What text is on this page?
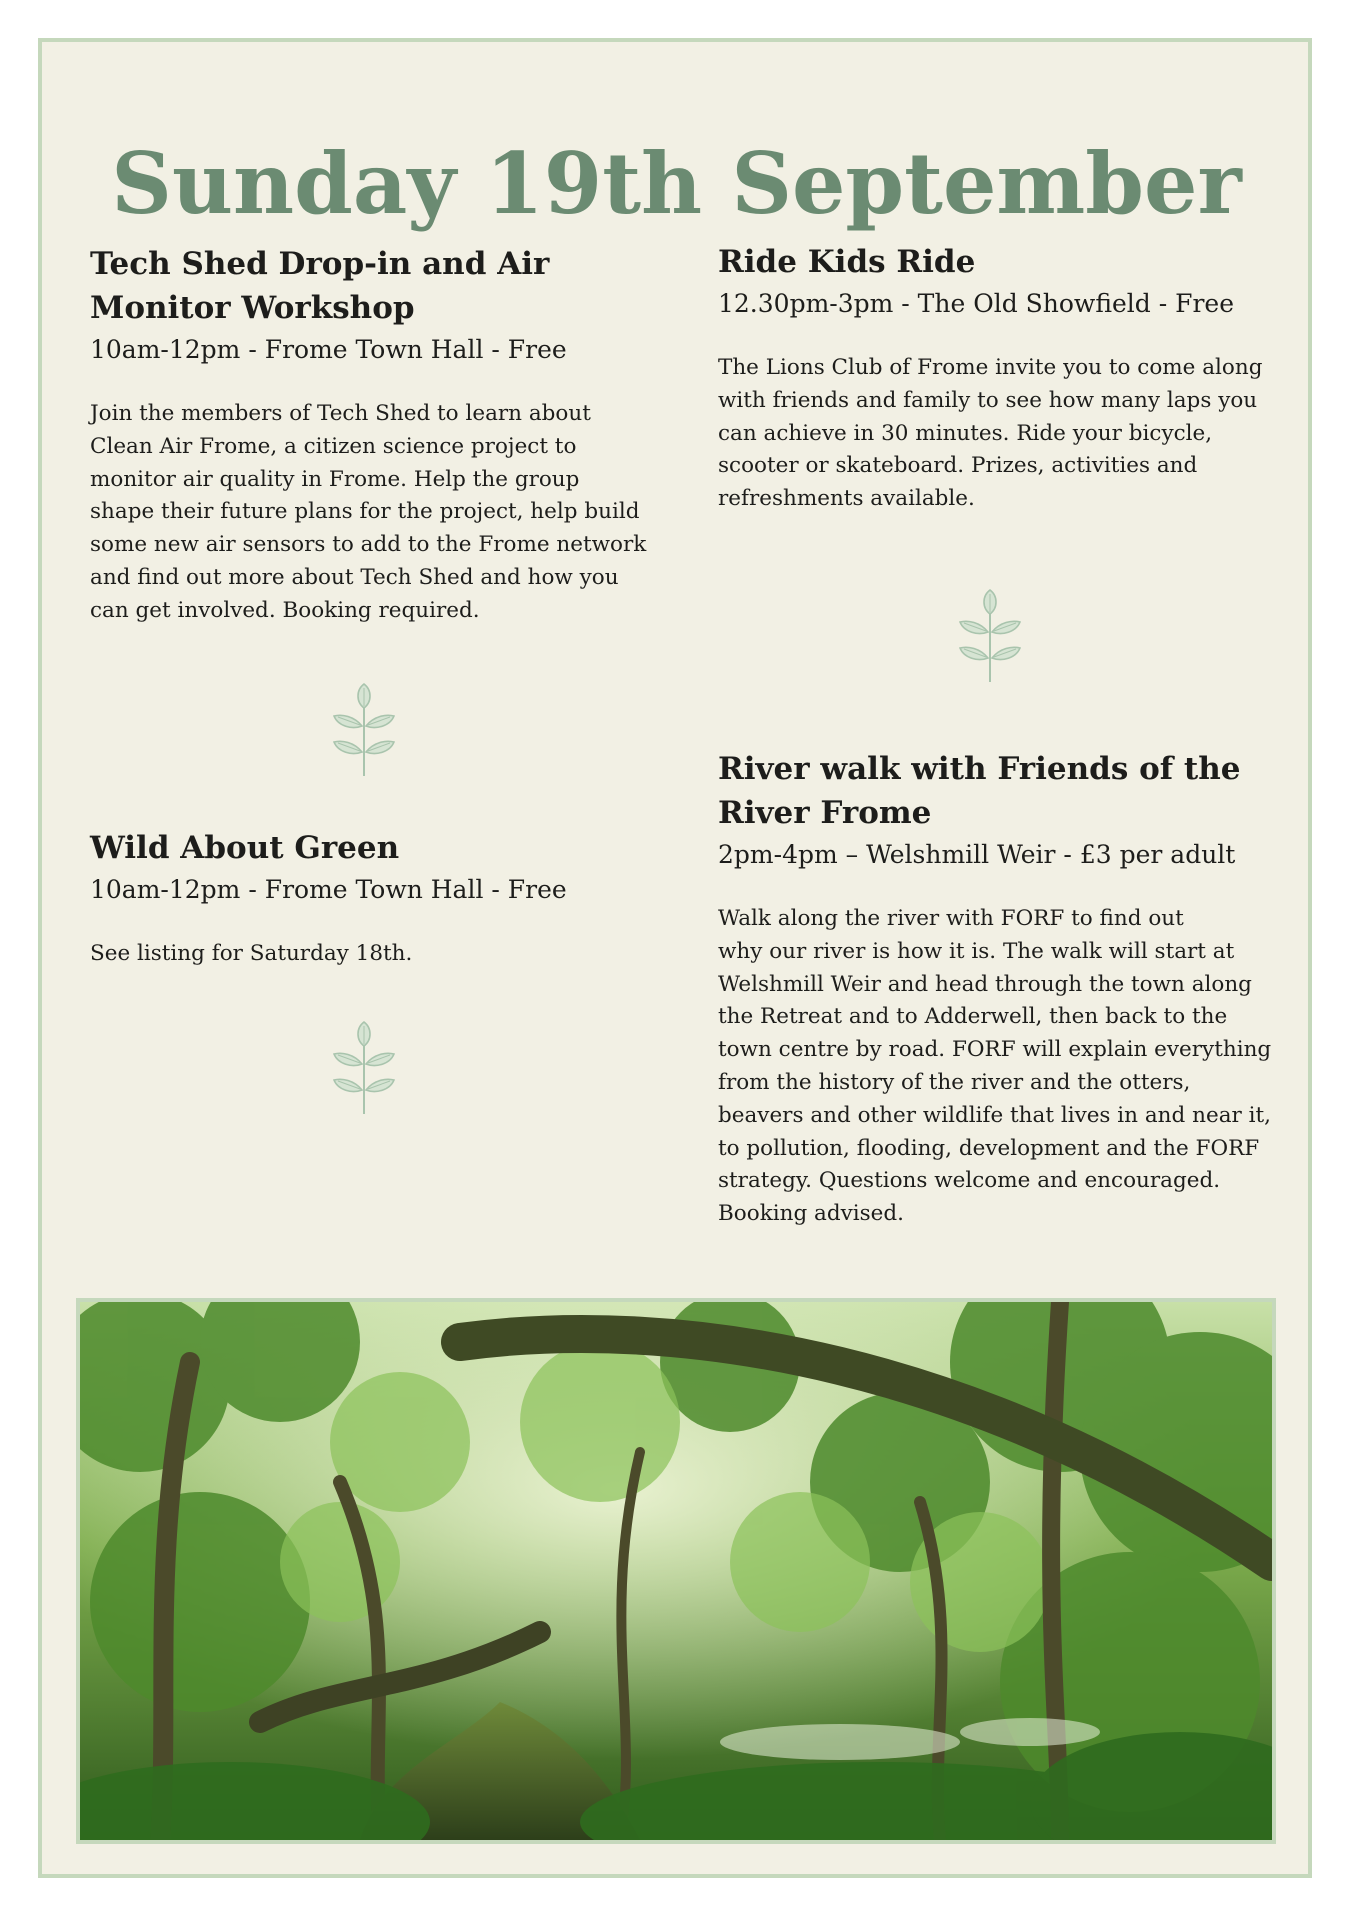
Sunday 19th September
Tech Shed Drop-in and Air
Monitor Workshop

10am-12pm - Frome Town Hall - Free

Join the members of Tech Shed to learn about
Clean Air Frome, a citizen science project to
monitor air quality in Frome. Help the group
shape their future plans for the project, help build
some new air sensors to add to the Frome network
and find out more about Tech Shed and how you
can get involved. Booking required.
Wild About Green

10am-12pm - Frome Town Hall - Free

See listing for Saturday 18th.
Ride Kids Ride

12.30pm-3pm - The Old Showfield - Free

The Lions Club of Frome invite you to come along
with friends and family to see how many laps you
can achieve in 30 minutes. Ride your bicycle,
scooter or skateboard. Prizes, activities and
refreshments available.
River walk with Friends of the
River Frome

2pm-4pm – Welshmill Weir - £3 per adult

Walk along the river with FORF to find out
why our river is how it is. The walk will start at
Welshmill Weir and head through the town along
the Retreat and to Adderwell, then back to the
town centre by road. FORF will explain everything
from the history of the river and the otters,
beavers and other wildlife that lives in and near it,
to pollution, flooding, development and the FORF
strategy. Questions welcome and encouraged.
Booking advised.
